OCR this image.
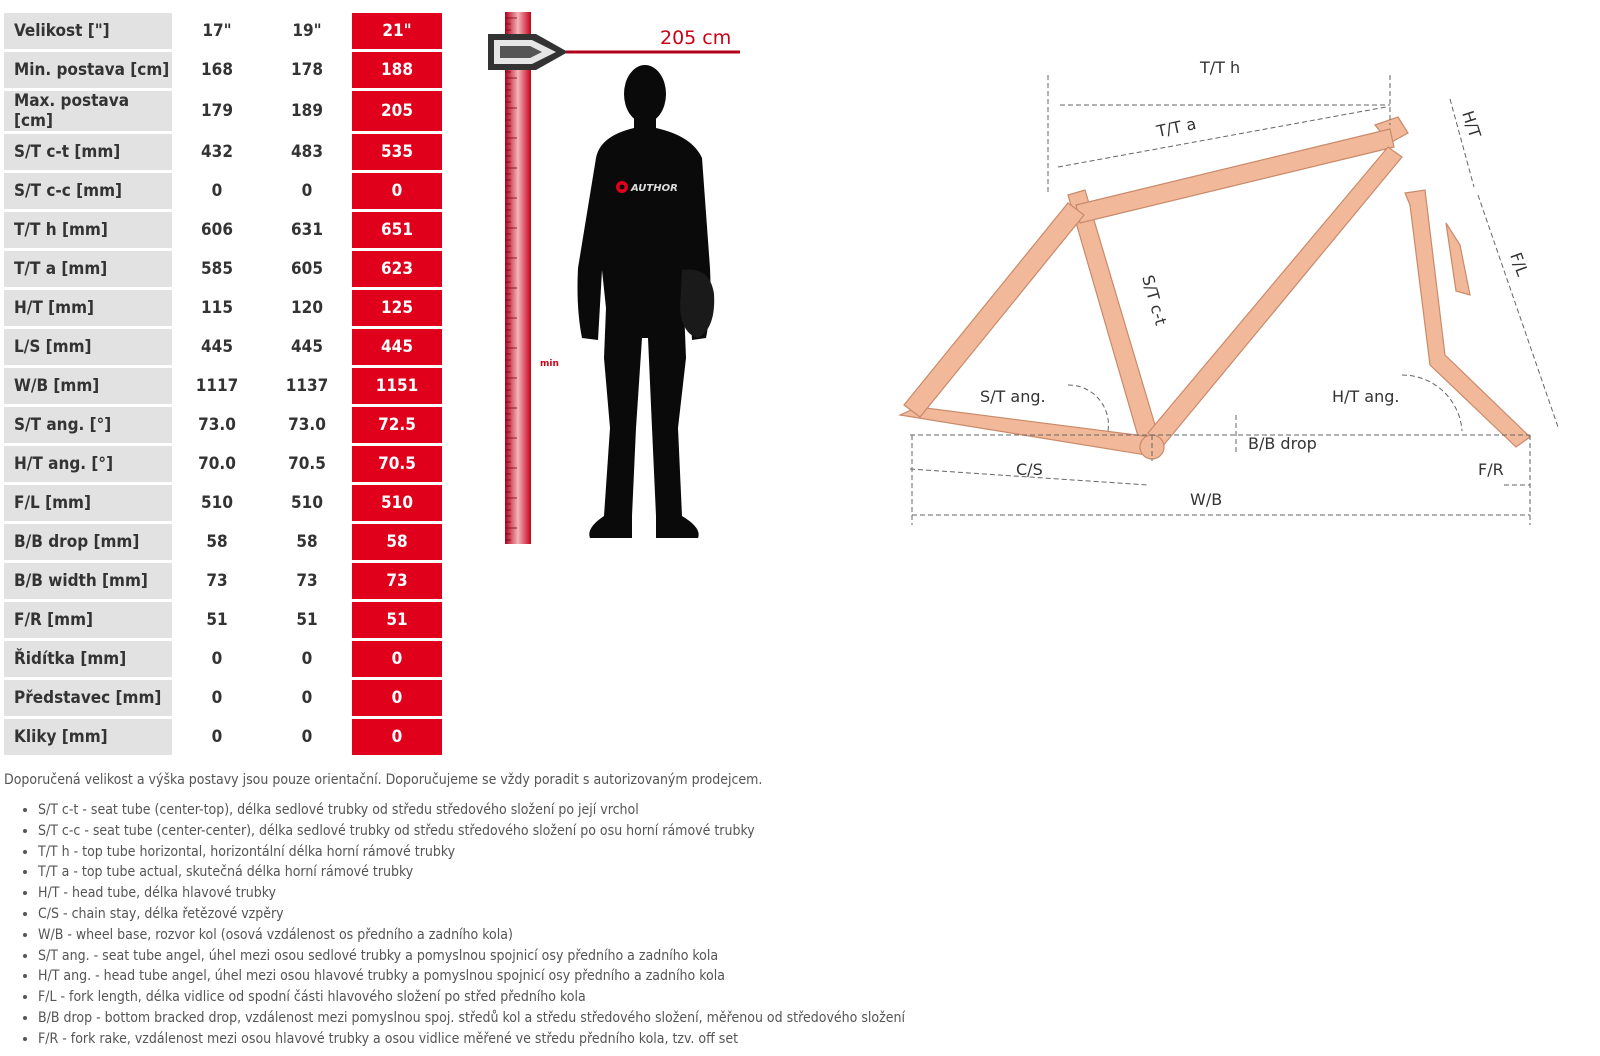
Velikost ["]	17"	19"	21"
Min. postava [cm]	168	178	188
Max. postava [cm]	179	189	205
S/T c-t [mm]	432	483	535
S/T c-c [mm]	0	0	0
T/T h [mm]	606	631	651
T/T a [mm]	585	605	623
H/T [mm]	115	120	125
L/S [mm]	445	445	445
W/B [mm]	1117	1137	1151
S/T ang. [°]	73.0	73.0	72.5
H/T ang. [°]	70.0	70.5	70.5
F/L [mm]	510	510	510
B/B drop [mm]	58	58	58
B/B width [mm]	73	73	73
F/R [mm]	51	51	51
Řidítka [mm]	0	0	0
Představec [mm]	0	0	0
Kliky [mm]	0	0	0
205 cm
min
AUTHOR
T/T h
T/T a	H/T
F/L
S/T c-t
S/T ang.	H/T ang.
B/B drop
C/S
W/B
F/R

Doporučená velikost a výška postavy jsou pouze orientační. Doporučujeme se vždy poradit s autorizovaným prodejcem.

• S/T c-t - seat tube (center-top), délka sedlové trubky od středu středového složení po její vrchol
• S/T c-c - seat tube (center-center), délka sedlové trubky od středu středového složení po osu horní rámové trubky
• T/T h - top tube horizontal, horizontální délka horní rámové trubky
• T/T a - top tube actual, skutečná délka horní rámové trubky
• H/T - head tube, délka hlavové trubky
• C/S - chain stay, délka řetězové vzpěry
• W/B - wheel base, rozvor kol (osová vzdálenost os předního a zadního kola)
• S/T ang. - seat tube angel, úhel mezi osou sedlové trubky a pomyslnou spojnicí osy předního a zadního kola
• H/T ang. - head tube angel, úhel mezi osou hlavové trubky a pomyslnou spojnicí osy předního a zadního kola
• F/L - fork length, délka vidlice od spodní části hlavového složení po střed předního kola
• B/B drop - bottom bracked drop, vzdálenost mezi pomyslnou spoj. středů kol a středu středového složení, měřenou od středového složení
• F/R - fork rake, vzdálenost mezi osou hlavové trubky a osou vidlice měřené ve středu předního kola, tzv. off set
